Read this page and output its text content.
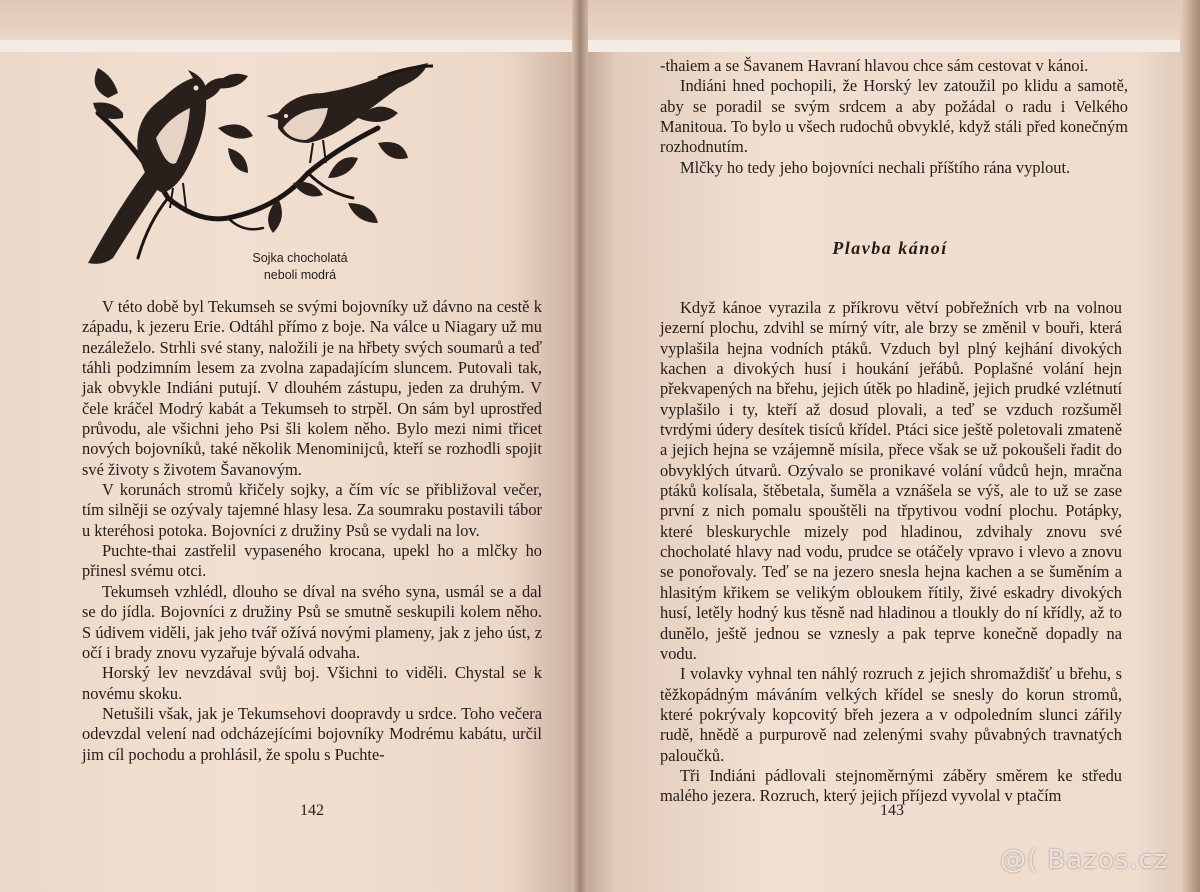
Sojka chocholatá
neboli modrá

V této době byl Tekumseh se svými bojovníky už dávno na cestě k západu, k jezeru Erie. Odtáhl přímo z boje. Na válce u Niagary už mu nezáleželo. Strhli své stany, naložili je na hřbety svých soumarů a teď táhli podzimním lesem za zvolna zapadajícím sluncem. Putovali tak, jak obvykle Indiáni putují. V dlouhém zástupu, jeden za druhým. V čele kráčel Modrý kabát a Tekumseh to strpěl. On sám byl uprostřed průvodu, ale všichni jeho Psi šli kolem něho. Bylo mezi nimi třicet nových bojovníků, také několik Menominijců, kteří se rozhodli spojit své životy s životem Šavanovým.

V korunách stromů křičely sojky, a čím víc se přibližoval večer, tím silněji se ozývaly tajemné hlasy lesa. Za soumraku postavili tábor u kteréhosi potoka. Bojovníci z družiny Psů se vydali na lov.

Puchte-thai zastřelil vypaseného krocana, upekl ho a mlčky ho přinesl svému otci.

Tekumseh vzhlédl, dlouho se díval na svého syna, usmál se a dal se do jídla. Bojovníci z družiny Psů se smutně seskupili kolem něho. S údivem viděli, jak jeho tvář ožívá novými plameny, jak z jeho úst, z očí i brady znovu vyzařuje bývalá odvaha.

Horský lev nevzdával svůj boj. Všichni to viděli. Chystal se k novému skoku.

Netušili však, jak je Tekumsehovi doopravdy u srdce. Toho večera odevzdal velení nad odcházejícími bojovníky Modrému kabátu, určil jim cíl pochodu a prohlásil, že spolu s Puchte-

142

-thaiem a se Šavanem Havraní hlavou chce sám cestovat v kánoi.

Indiáni hned pochopili, že Horský lev zatoužil po klidu a samotě, aby se poradil se svým srdcem a aby požádal o radu i Velkého Manitoua. To bylo u všech rudochů obvyklé, když stáli před konečným rozhodnutím.

Mlčky ho tedy jeho bojovníci nechali příštího rána vyplout.

Plavba kánoí

Když kánoe vyrazila z příkrovu větví pobřežních vrb na volnou jezerní plochu, zdvihl se mírný vítr, ale brzy se změnil v bouři, která vyplašila hejna vodních ptáků. Vzduch byl plný kejhání divokých kachen a divokých husí i houkání jeřábů. Poplašné volání hejn překvapených na břehu, jejich útěk po hladině, jejich prudké vzlétnutí vyplašilo i ty, kteří až dosud plovali, a teď se vzduch rozšuměl tvrdými údery desítek tisíců křídel. Ptáci sice ještě poletovali zmateně a jejich hejna se vzájemně mísila, přece však se už pokoušeli řadit do obvyklých útvarů. Ozývalo se pronikavé volání vůdců hejn, mračna ptáků kolísala, štěbetala, šuměla a vznášela se výš, ale to už se zase první z nich pomalu spouštěli na třpytivou vodní plochu. Potápky, které bleskurychle mizely pod hladinou, zdvihaly znovu své chocholaté hlavy nad vodu, prudce se otáčely vpravo i vlevo a znovu se ponořovaly. Teď se na jezero snesla hejna kachen a se šuměním a hlasitým křikem se velikým obloukem řítily, živé eskadry divokých husí, letěly hodný kus těsně nad hladinou a tloukly do ní křídly, až to dunělo, ještě jednou se vznesly a pak teprve konečně dopadly na vodu.

I volavky vyhnal ten náhlý rozruch z jejich shromaždišť u břehu, s těžkopádným máváním velkých křídel se snesly do korun stromů, které pokrývaly kopcovitý břeh jezera a v odpoledním slunci zářily rudě, hnědě a purpurově nad zelenými svahy půvabných travnatých paloučků.

Tři Indiáni pádlovali stejnoměrnými záběry směrem ke středu malého jezera. Rozruch, který jejich příjezd vyvolal v ptačím

143
@( Bazos.cz
